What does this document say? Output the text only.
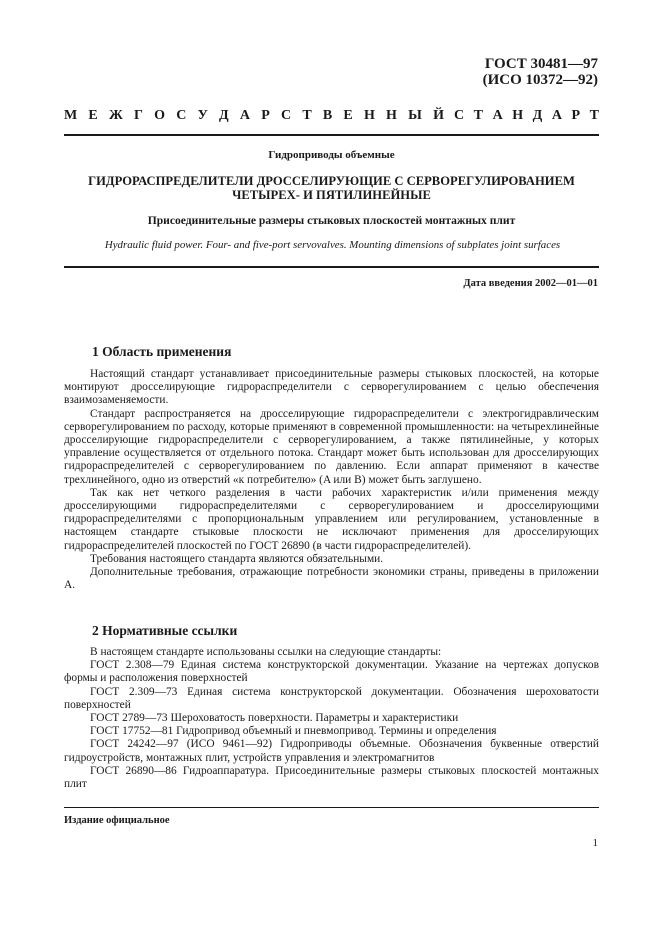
ГОСТ 30481—97
(ИСО 10372—92)
М Е Ж Г О С У Д А Р С Т В Е Н Н Ы Й С Т А Н Д А Р Т
Гидроприводы объемные
ГИДРОРАСПРЕДЕЛИТЕЛИ ДРОССЕЛИРУЮЩИЕ С СЕРВОРЕГУЛИРОВАНИЕМ
ЧЕТЫРЕХ- И ПЯТИЛИНЕЙНЫЕ
Присоединительные размеры стыковых плоскостей монтажных плит
Hydraulic fluid power. Four- and five-port servovalves. Mounting dimensions of subplates joint surfaces
Дата введения 2002—01—01
1 Область применения

Настоящий стандарт устанавливает присоединительные размеры стыковых плоскостей, на которые монтируют дросселирующие гидрораспределители с серворегулированием с целью обеспечения взаимозаменяемости.

Стандарт распространяется на дросселирующие гидрораспределители с электрогидравлическим серворегулированием по расходу, которые применяют в современной промышленности: на четырехлинейные дросселирующие гидрораспределители с серворегулированием, а также пятилинейные, у которых управление осуществляется от отдельного потока. Стандарт может быть использован для дросселирующих гидрораспределителей с серворегулированием по давлению. Если аппарат применяют в качестве трехлинейного, одно из отверстий «к потребителю» (A или B) может быть заглушено.

Так как нет четкого разделения в части рабочих характеристик и/или применения между дросселирующими гидрораспределителями с серворегулированием и дросселирующими гидрораспределителями с пропорциональным управлением или регулированием, установленные в настоящем стандарте стыковые плоскости не исключают применения для дросселирующих гидрораспределителей плоскостей по ГОСТ 26890 (в части гидрораспределителей).

Требования настоящего стандарта являются обязательными.

Дополнительные требования, отражающие потребности экономики страны, приведены в приложении А.

2 Нормативные ссылки

В настоящем стандарте использованы ссылки на следующие стандарты:

ГОСТ 2.308—79 Единая система конструкторской документации. Указание на чертежах допусков формы и расположения поверхностей

ГОСТ 2.309—73 Единая система конструкторской документации. Обозначения шероховатости поверхностей

ГОСТ 2789—73 Шероховатость поверхности. Параметры и характеристики

ГОСТ 17752—81 Гидропривод объемный и пневмопривод. Термины и определения

ГОСТ 24242—97 (ИСО 9461—92) Гидроприводы объемные. Обозначения буквенные отверстий гидроустройств, монтажных плит, устройств управления и электромагнитов

ГОСТ 26890—86 Гидроаппаратура. Присоединительные размеры стыковых плоскостей монтажных плит

Издание официальное
1
